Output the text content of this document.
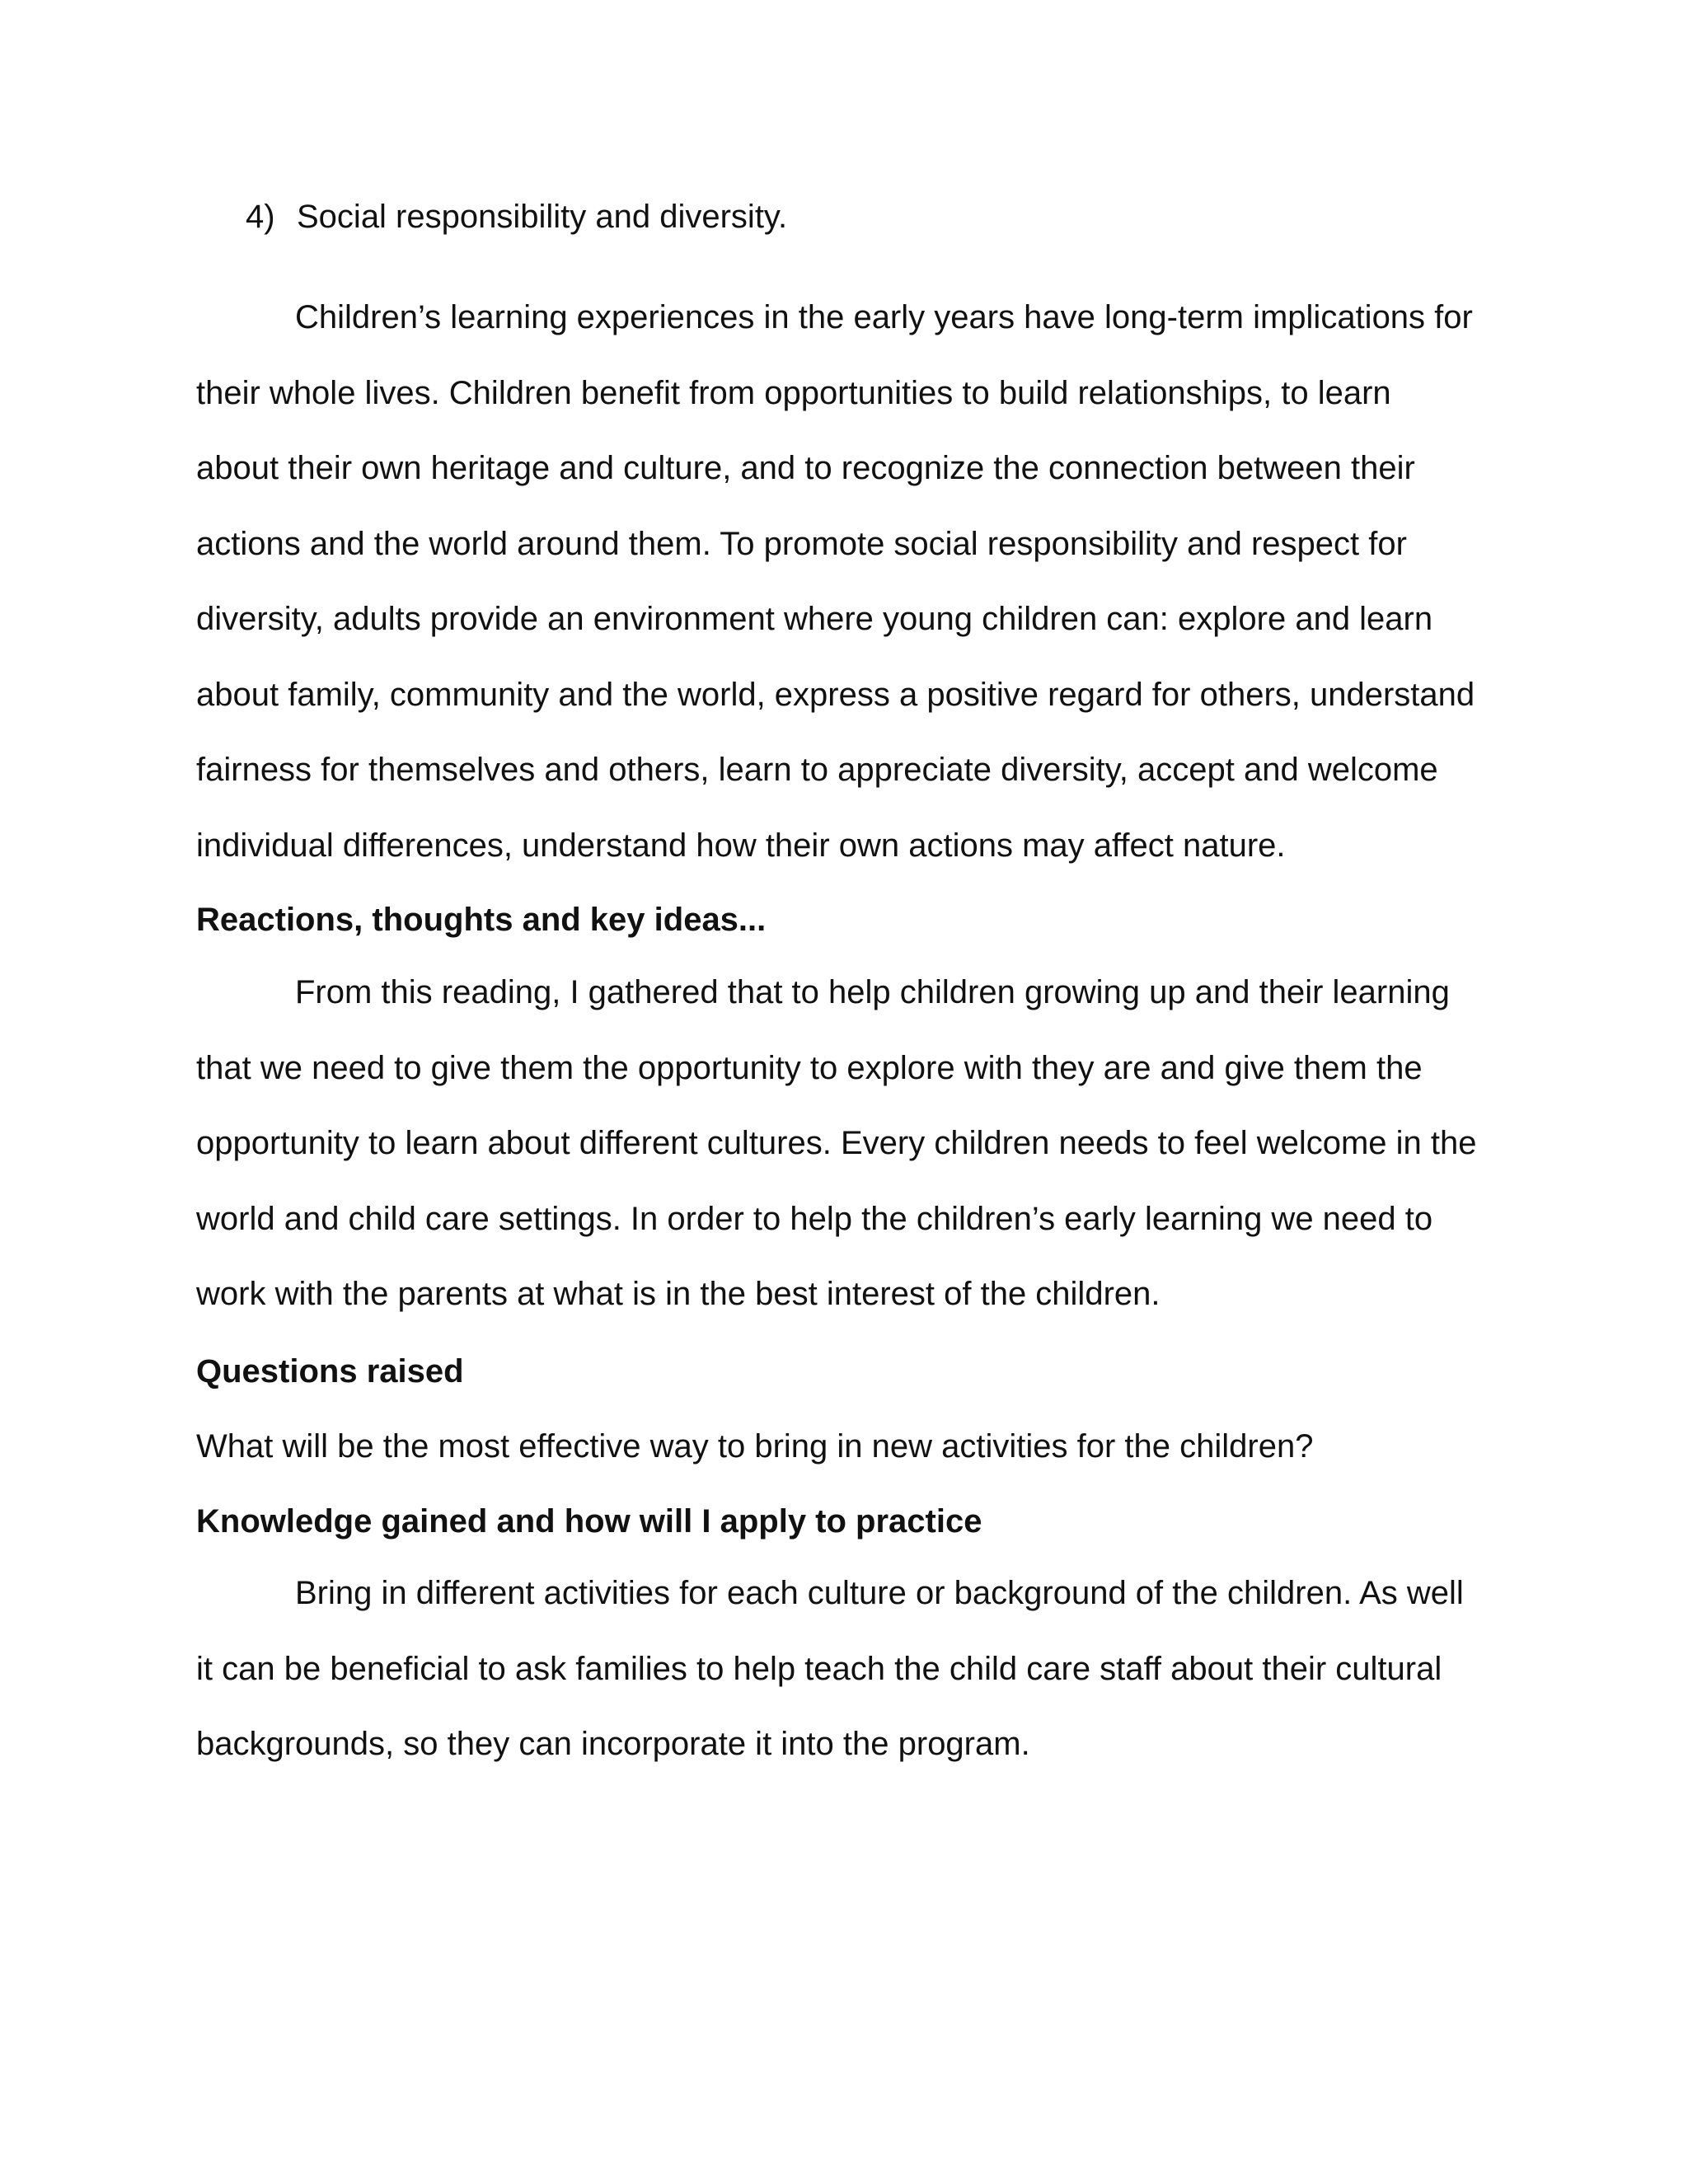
4) Social responsibility and diversity.

Children’s learning experiences in the early years have long-term implications for their whole lives. Children benefit from opportunities to build relationships, to learn about their own heritage and culture, and to recognize the connection between their actions and the world around them. To promote social responsibility and respect for diversity, adults provide an environment where young children can: explore and learn about family, community and the world, express a positive regard for others, understand fairness for themselves and others, learn to appreciate diversity, accept and welcome individual differences, understand how their own actions may affect nature.

Reactions, thoughts and key ideas...

From this reading, I gathered that to help children growing up and their learning that we need to give them the opportunity to explore with they are and give them the opportunity to learn about different cultures. Every children needs to feel welcome in the world and child care settings. In order to help the children’s early learning we need to work with the parents at what is in the best interest of the children.

Questions raised

What will be the most effective way to bring in new activities for the children?

Knowledge gained and how will I apply to practice

Bring in different activities for each culture or background of the children. As well it can be beneficial to ask families to help teach the child care staff about their cultural backgrounds, so they can incorporate it into the program.
